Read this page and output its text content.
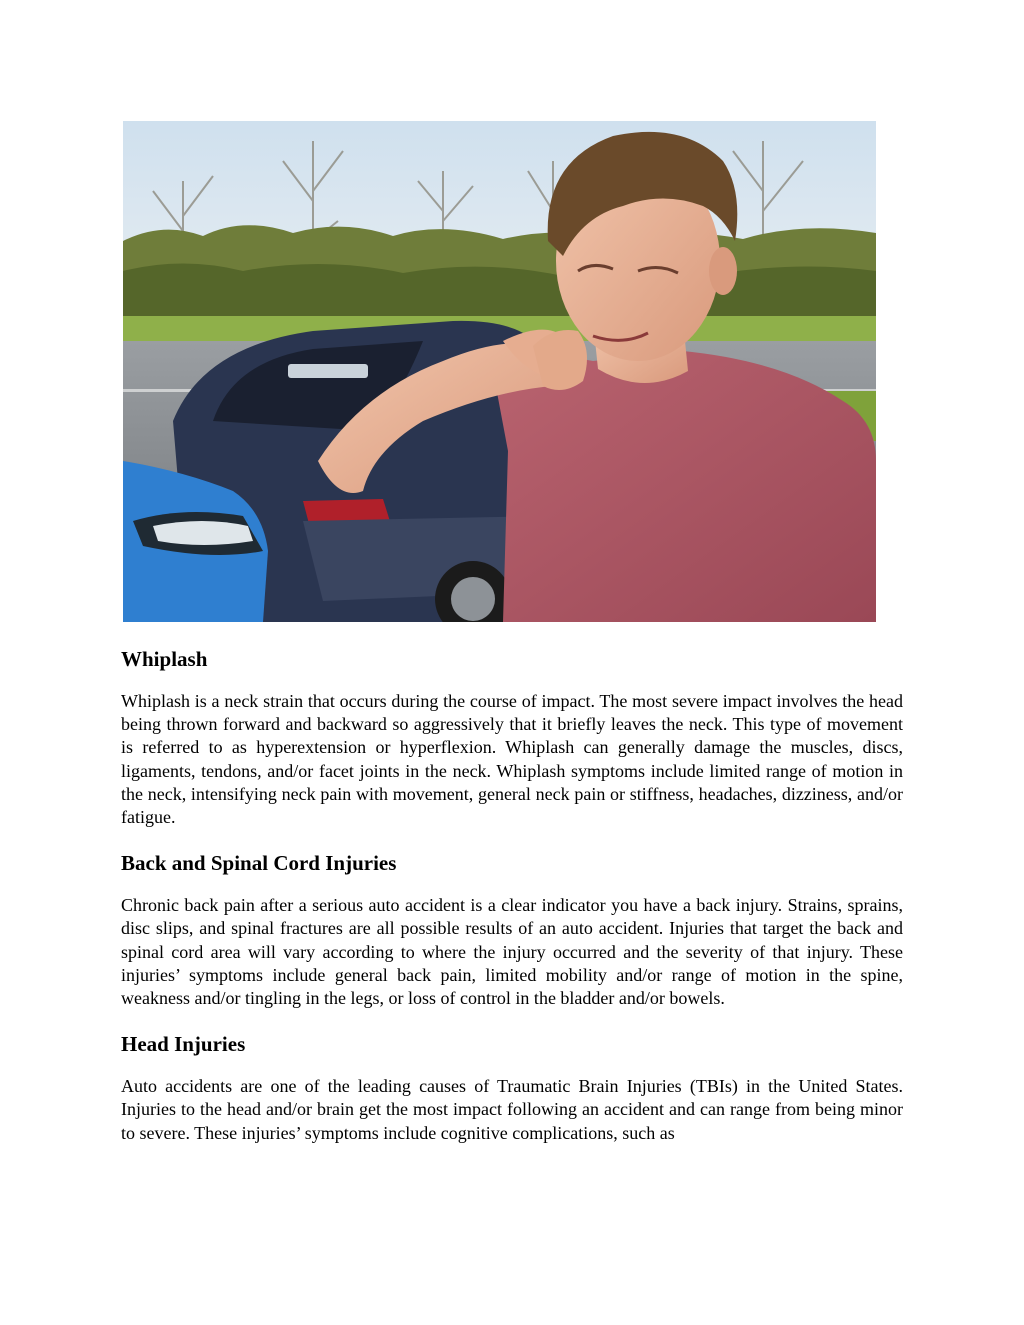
Whiplash

Whiplash is a neck strain that occurs during the course of impact. The most severe impact involves the head being thrown forward and backward so aggressively that it briefly leaves the neck. This type of movement is referred to as hyperextension or hyperflexion. Whiplash can generally damage the muscles, discs, ligaments, tendons, and/or facet joints in the neck. Whiplash symptoms include limited range of motion in the neck, intensifying neck pain with movement, general neck pain or stiffness, headaches, dizziness, and/or fatigue.

Back and Spinal Cord Injuries

Chronic back pain after a serious auto accident is a clear indicator you have a back injury. Strains, sprains, disc slips, and spinal fractures are all possible results of an auto accident. Injuries that target the back and spinal cord area will vary according to where the injury occurred and the severity of that injury. These injuries’ symptoms include general back pain, limited mobility and/or range of motion in the spine, weakness and/or tingling in the legs, or loss of control in the bladder and/or bowels.

Head Injuries

Auto accidents are one of the leading causes of Traumatic Brain Injuries (TBIs) in the United States. Injuries to the head and/or brain get the most impact following an accident and can range from being minor to severe. These injuries’ symptoms include cognitive complications, such as
